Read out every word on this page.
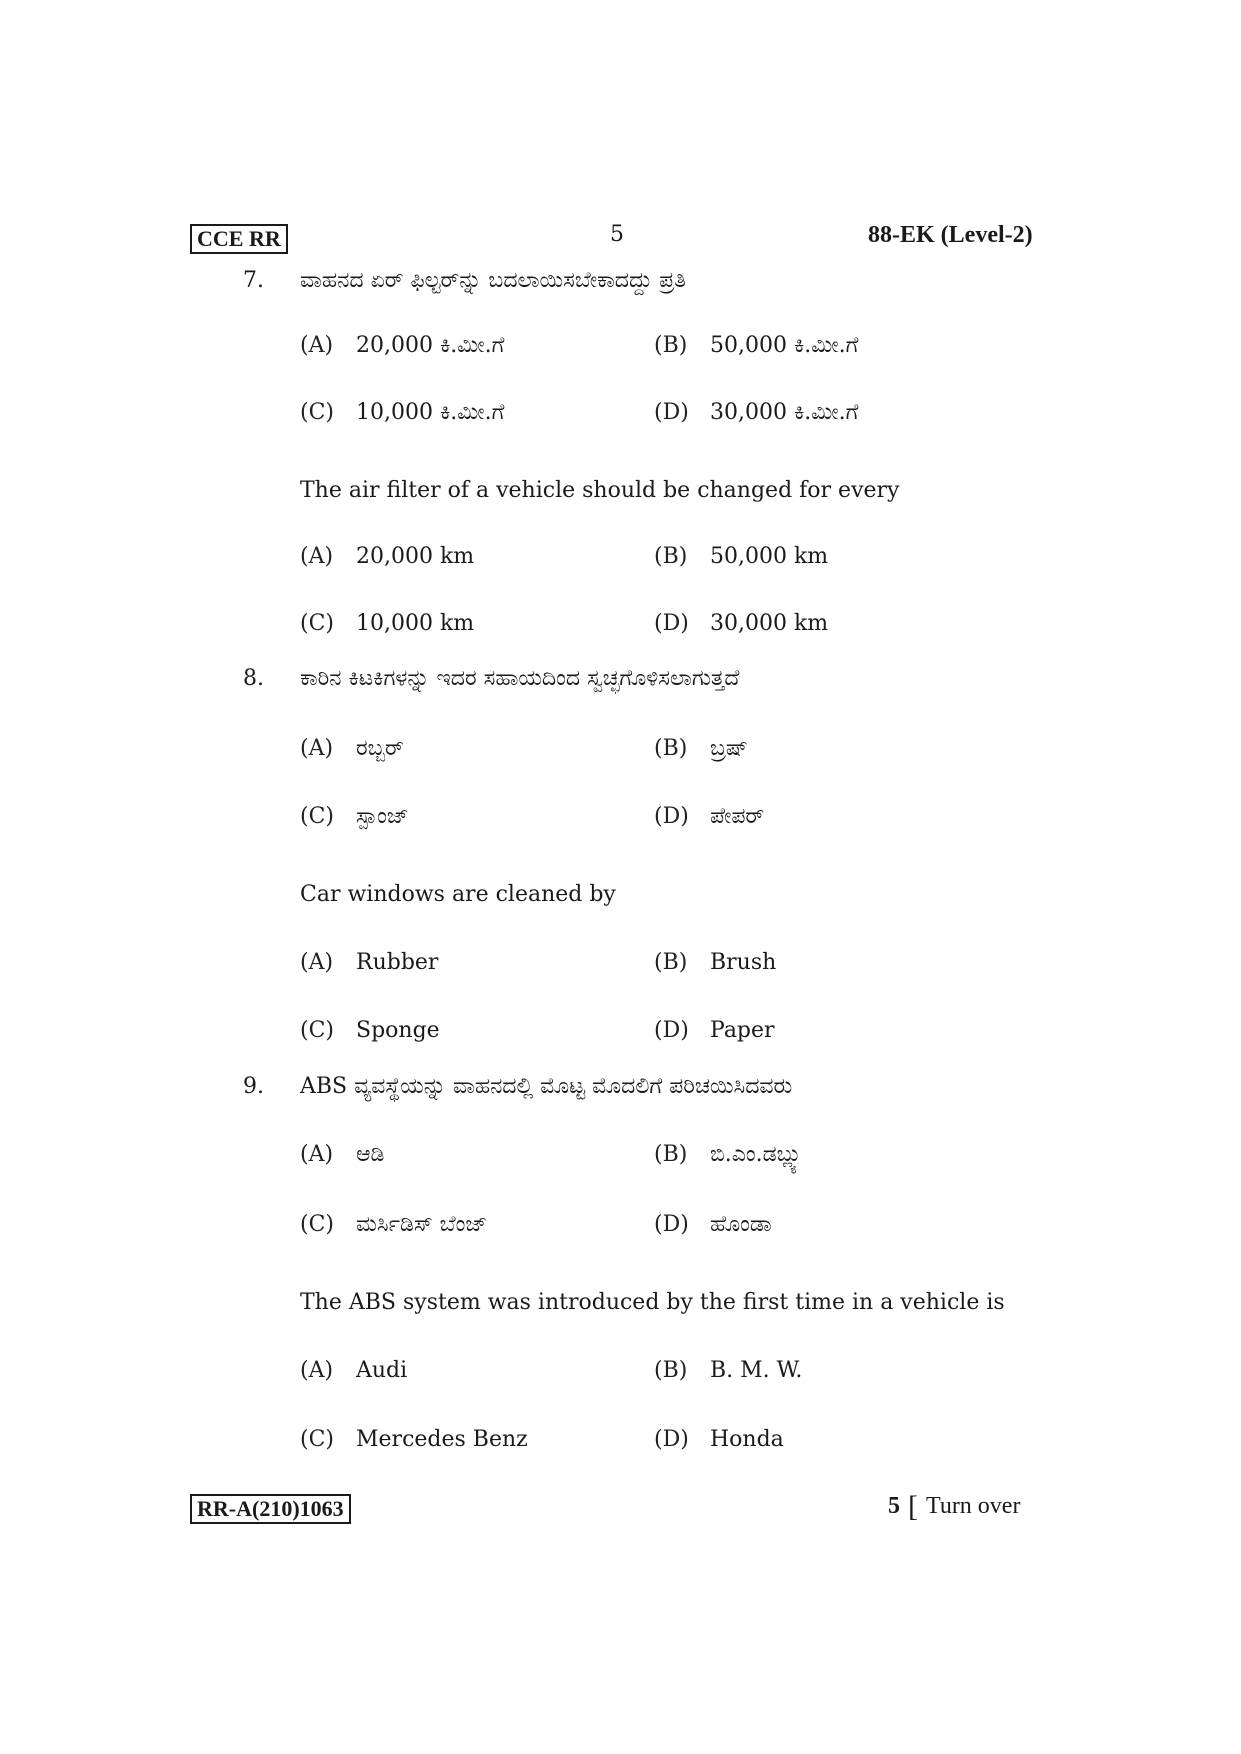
CCE RR	5	88-EK (Level-2)
7. ವಾಹನದ ಏರ್ ಫಿಲ್ಟರ್‌ನ್ನು ಬದಲಾಯಿಸಬೇಕಾದದ್ದು ಪ್ರತಿ
(A) 20,000 ಕಿ.ಮೀ.ಗೆ	(B) 50,000 ಕಿ.ಮೀ.ಗೆ
(C) 10,000 ಕಿ.ಮೀ.ಗೆ	(D) 30,000 ಕಿ.ಮೀ.ಗೆ
The air filter of a vehicle should be changed for every
(A) 20,000 km	(B) 50,000 km
(C) 10,000 km	(D) 30,000 km
8. ಕಾರಿನ ಕಿಟಕಿಗಳನ್ನು ಇದರ ಸಹಾಯದಿಂದ ಸ್ವಚ್ಛಗೊಳಿಸಲಾಗುತ್ತದೆ
(A) ರಬ್ಬರ್	(B) ಬ್ರಷ್
(C) ಸ್ಪಾಂಜ್	(D) ಪೇಪರ್
Car windows are cleaned by
(A) Rubber	(B) Brush
(C) Sponge	(D) Paper
9. ABS ವ್ಯವಸ್ಥೆಯನ್ನು ವಾಹನದಲ್ಲಿ ಮೊಟ್ಟ ಮೊದಲಿಗೆ ಪರಿಚಯಿಸಿದವರು
(A) ಆಡಿ	(B) ಬಿ.ಎಂ.ಡಬ್ಲ್ಯು
(C) ಮರ್ಸಿಡಿಸ್ ಬೆಂಜ್	(D) ಹೊಂಡಾ
The ABS system was introduced by the first time in a vehicle is
(A) Audi	(B) B. M. W.
(C) Mercedes Benz	(D) Honda
RR-A(210)1063	5 [ Turn over
